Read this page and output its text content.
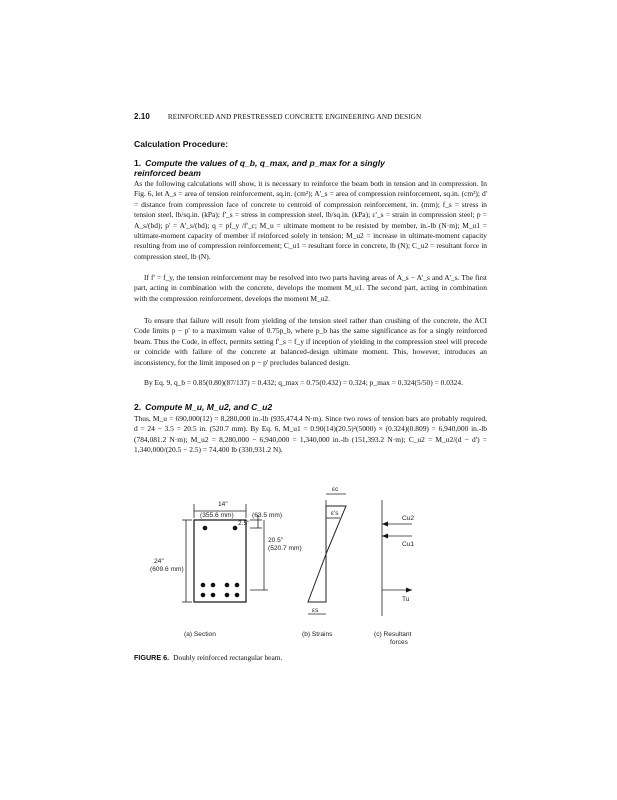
2.10 REINFORCED AND PRESTRESSED CONCRETE ENGINEERING AND DESIGN
Calculation Procedure:
1. Compute the values of q_b, q_max, and p_max for a singly
reinforced beam

As the following calculations will show, it is necessary to reinforce the beam both in tension and in compression. In Fig. 6, let A_s = area of tension reinforcement, sq.in. (cm²); A'_s = area of compression reinforcement, sq.in. (cm²); d' = distance from compression face of concrete to centroid of compression reinforcement, in. (mm); f_s = stress in tension steel, lb/sq.in. (kPa); f'_s = stress in compression steel, lb/sq.in. (kPa); ε'_s = strain in compression steel; p = A_s/(bd); p' = A'_s/(bd); q = pf_y /f'_c; M_u = ultimate moment to be resisted by member, in.-lb (N·m); M_u1 = ultimate-moment capacity of member if reinforced solely in tension; M_u2 = increase in ultimate-moment capacity resulting from use of compression reinforcement; C_u1 = resultant force in concrete, lb (N); C_u2 = resultant force in compression steel, lb (N).

If f' = f_y, the tension reinforcement may be resolved into two parts having areas of A_s − A'_s and A'_s. The first part, acting in combination with the concrete, develops the moment M_u1. The second part, acting in combination with the compression reinforcement, develops the moment M_u2.

To ensure that failure will result from yielding of the tension steel rather than crushing of the concrete, the ACI Code limits p − p' to a maximum value of 0.75p_b, where p_b has the same significance as for a singly reinforced beam. Thus the Code, in effect, permits setting f'_s = f_y if inception of yielding in the compression steel will precede or coincide with failure of the concrete at balanced-design ultimate moment. This, however, introduces an inconsistency, for the limit imposed on p − p' precludes balanced design.

By Eq. 9, q_b = 0.85(0.80)(87/137) = 0.432; q_max = 0.75(0.432) = 0.324; p_max = 0.324(5/50) = 0.0324.

2. Compute M_u, M_u2, and C_u2

Thus, M_u = 690,000(12) = 8,280,000 in.-lb (935,474.4 N·m). Since two rows of tension bars are probably required, d = 24 − 3.5 = 20.5 in. (520.7 mm). By Eq. 6, M_u1 = 0.90(14)(20.5)²(5000) × (0.324)(0.809) = 6,940,000 in.-lb (784,081.2 N·m); M_u2 = 8,280,000 − 6,940,000 = 1,340,000 in.-lb (151,393.2 N·m); C_u2 = M_u2/(d − d') = 1,340,000/(20.5 − 2.5) = 74,400 lb (330,931.2 N).

14"
(355.6 mm)	(63.5 mm)
2.5"
20.5"
(520.7 mm)
24"
(609.6 mm)
εc
ε's
εs
Cu2
Cu1
Tu
(a) Section	(b) Strains	(c) Resultant
forces
FIGURE 6. Doubly reinforced rectangular beam.
